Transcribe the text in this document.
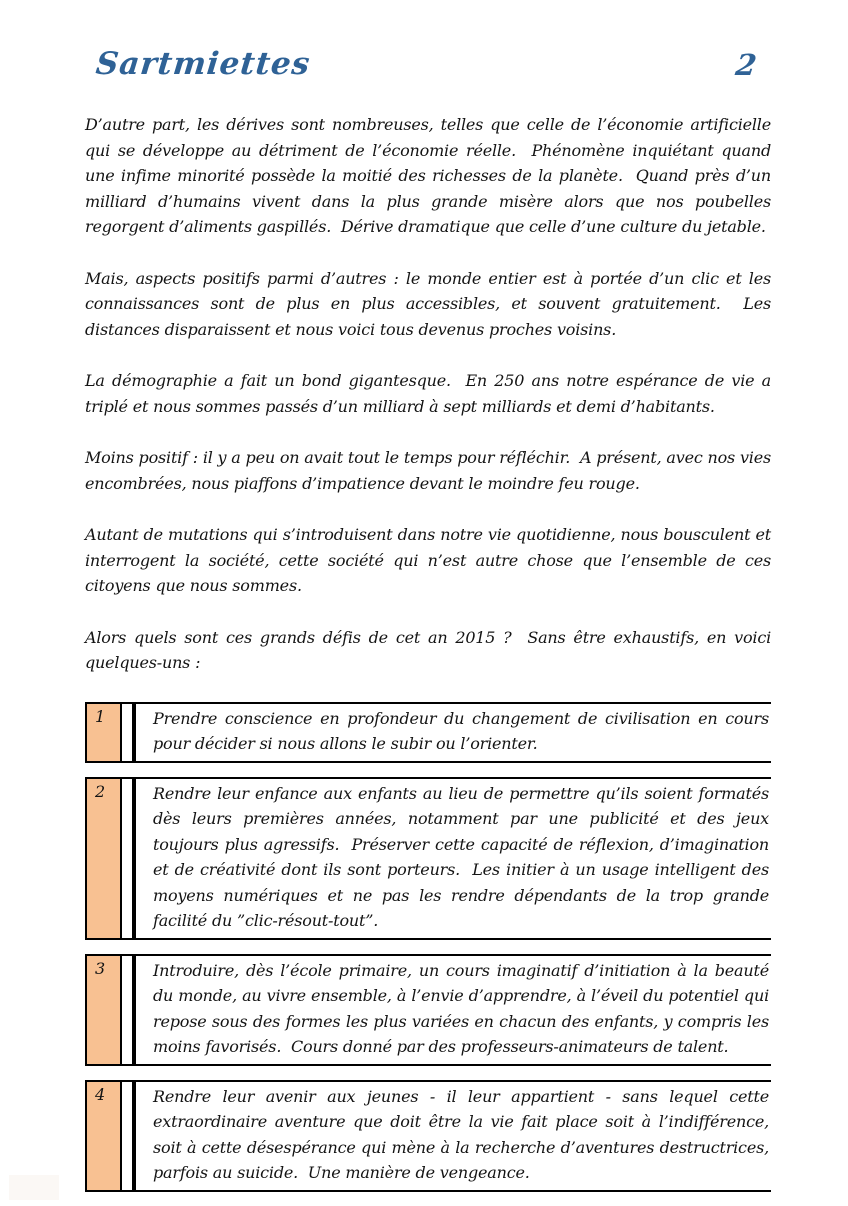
Sartmiettes	2

D’autre part, les dérives sont nombreuses, telles que celle de l’économie artificielle qui se développe au détriment de l’économie réelle.  Phénomène inquiétant quand une infime minorité possède la moitié des richesses de la planète.  Quand près d’un milliard d’humains vivent dans la plus grande misère alors que nos poubelles regorgent d’aliments gaspillés.  Dérive dramatique que celle d’une culture du jetable.

Mais, aspects positifs parmi d’autres : le monde entier est à portée d’un clic et les connaissances sont de plus en plus accessibles, et souvent gratuitement.  Les distances disparaissent et nous voici tous devenus proches voisins.

La démographie a fait un bond gigantesque.  En 250 ans notre espérance de vie a triplé et nous sommes passés d’un milliard à sept milliards et demi d’habitants.

Moins positif : il y a peu on avait tout le temps pour réfléchir.  A présent, avec nos vies encombrées, nous piaffons d’impatience devant le moindre feu rouge.

Autant de mutations qui s’introduisent dans notre vie quotidienne, nous bousculent et interrogent la société, cette société qui n’est autre chose que l’ensemble de ces citoyens que nous sommes.

Alors quels sont ces grands défis de cet an 2015 ?  Sans être exhaustifs, en voici quelques-uns :

1	Prendre conscience en profondeur du changement de civilisation en cours pour décider si nous allons le subir ou l’orienter.
2	Rendre leur enfance aux enfants au lieu de permettre qu’ils soient formatés dès leurs premières années, notamment par une publicité et des jeux toujours plus agressifs.  Préserver cette capacité de réflexion, d’imagination et de créativité dont ils sont porteurs.  Les initier à un usage intelligent des moyens numériques et ne pas les rendre dépendants de la trop grande facilité du ”clic-résout-tout”.
3	Introduire, dès l’école primaire, un cours imaginatif d’initiation à la beauté du monde, au vivre ensemble, à l’envie d’apprendre, à l’éveil du potentiel qui repose sous des formes les plus variées en chacun des enfants, y compris les moins favorisés.  Cours donné par des professeurs-animateurs de talent.
4	Rendre leur avenir aux jeunes - il leur appartient - sans lequel cette extraordinaire aventure que doit être la vie fait place soit à l’indifférence, soit à cette désespérance qui mène à la recherche d’aventures destructrices, parfois au suicide.  Une manière de vengeance.
